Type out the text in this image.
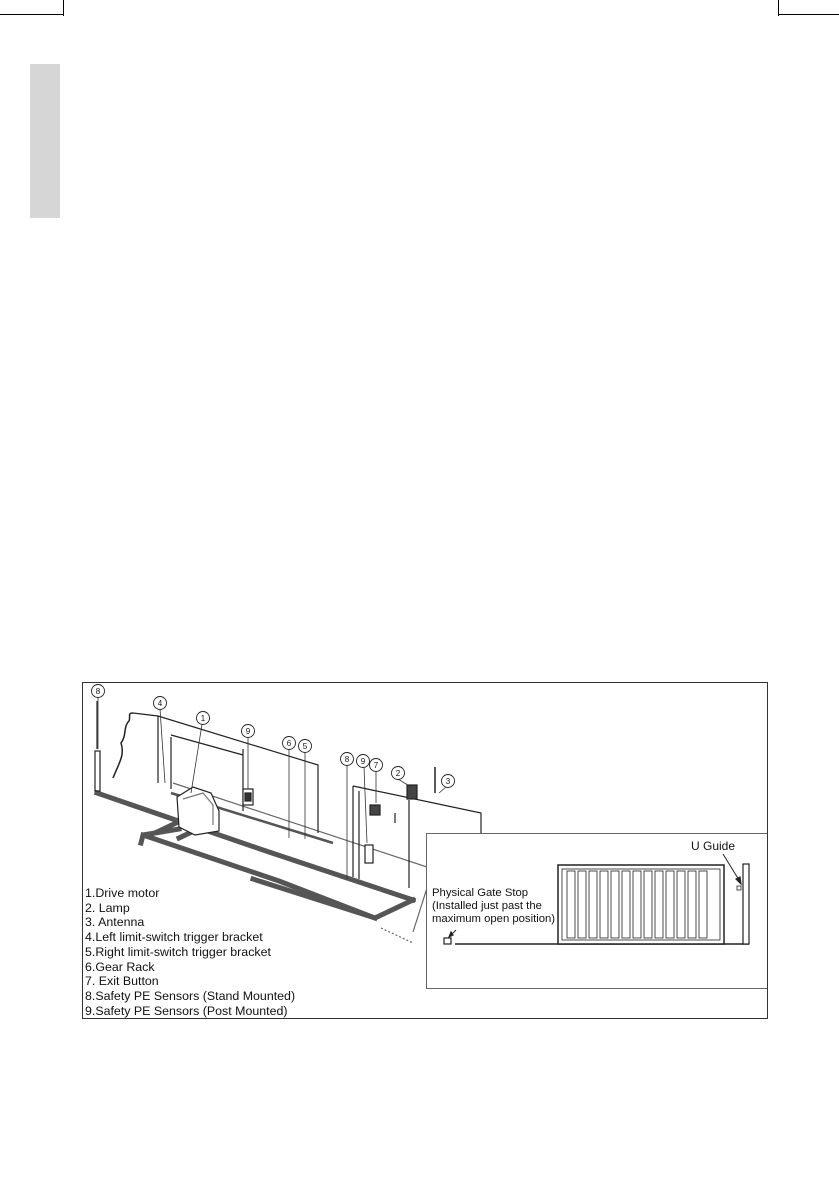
8
4
1
9
6 5
8 9 7
2
3
1.Drive motor
2. Lamp
3. Antenna
4.Left limit-switch trigger bracket
5.Right limit-switch trigger bracket
6.Gear Rack
7. Exit Button
8.Safety PE Sensors (Stand Mounted)
9.Safety PE Sensors (Post Mounted)
U Guide
Physical Gate Stop
(Installed just past the
maximum open position)
